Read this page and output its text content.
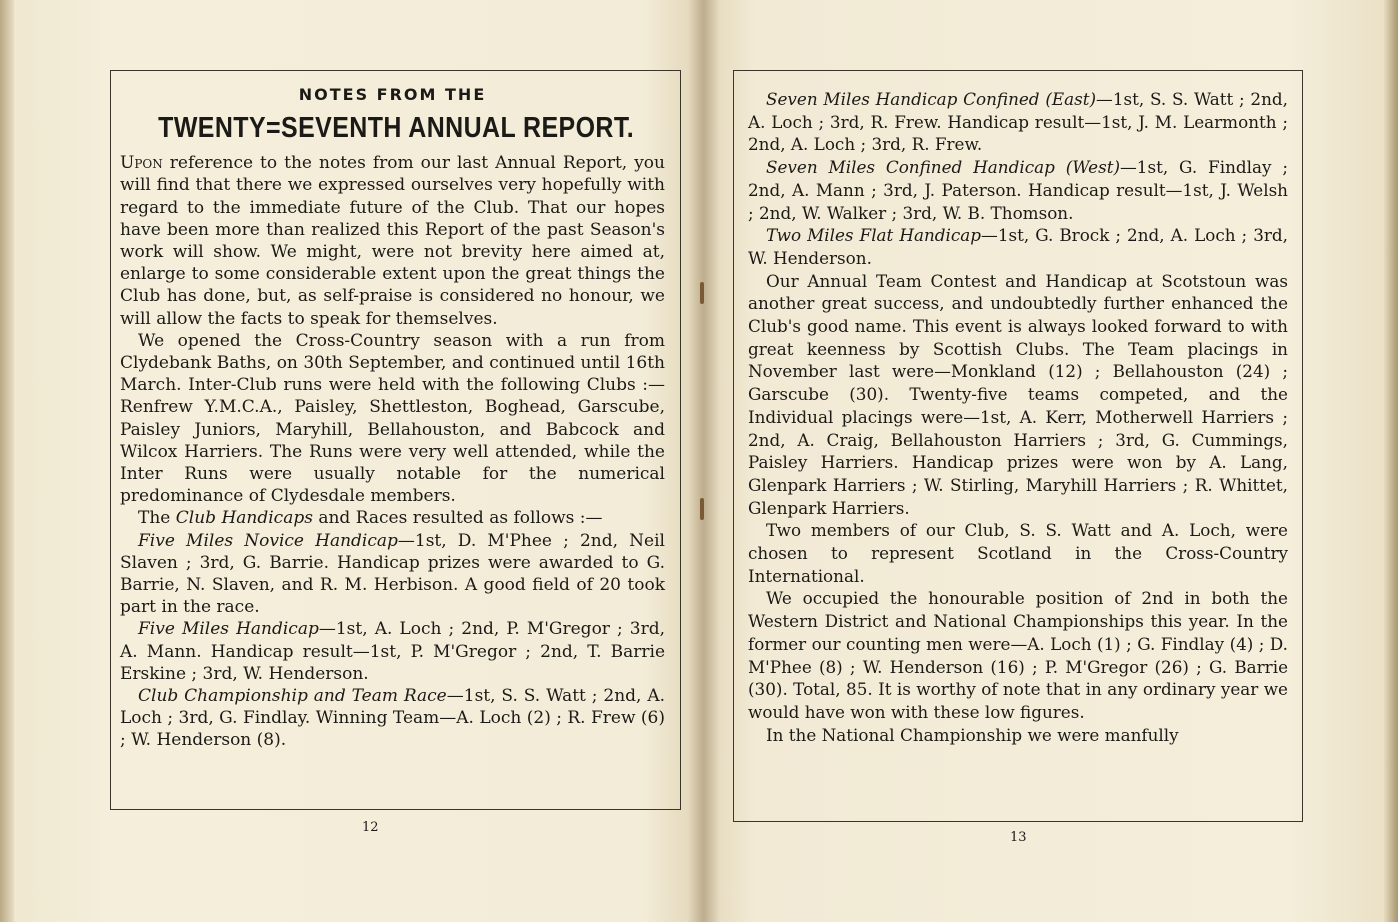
NOTES FROM THE
TWENTY=SEVENTH ANNUAL REPORT.

Upon reference to the notes from our last Annual Report, you will find that there we expressed ourselves very hopefully with regard to the immediate future of the Club. That our hopes have been more than realized this Report of the past Season's work will show. We might, were not brevity here aimed at, enlarge to some considerable extent upon the great things the Club has done, but, as self-praise is considered no honour, we will allow the facts to speak for themselves.

We opened the Cross-Country season with a run from Clydebank Baths, on 30th September, and continued until 16th March. Inter-Club runs were held with the following Clubs :—Renfrew Y.M.C.A., Paisley, Shettleston, Boghead, Garscube, Paisley Juniors, Maryhill, Bellahouston, and Babcock and Wilcox Harriers. The Runs were very well attended, while the Inter Runs were usually notable for the numerical predominance of Clydesdale members.

The Club Handicaps and Races resulted as follows :—

Five Miles Novice Handicap—1st, D. M'Phee ; 2nd, Neil Slaven ; 3rd, G. Barrie. Handicap prizes were awarded to G. Barrie, N. Slaven, and R. M. Herbison. A good field of 20 took part in the race.

Five Miles Handicap—1st, A. Loch ; 2nd, P. M'Gregor ; 3rd, A. Mann. Handicap result—1st, P. M'Gregor ; 2nd, T. Barrie Erskine ; 3rd, W. Henderson.

Club Championship and Team Race—1st, S. S. Watt ; 2nd, A. Loch ; 3rd, G. Findlay. Winning Team—A. Loch (2) ; R. Frew (6) ; W. Henderson (8).

12

Seven Miles Handicap Confined (East)—1st, S. S. Watt ; 2nd, A. Loch ; 3rd, R. Frew. Handicap result—1st, J. M. Learmonth ; 2nd, A. Loch ; 3rd, R. Frew.

Seven Miles Confined Handicap (West)—1st, G. Findlay ; 2nd, A. Mann ; 3rd, J. Paterson. Handicap result—1st, J. Welsh ; 2nd, W. Walker ; 3rd, W. B. Thomson.

Two Miles Flat Handicap—1st, G. Brock ; 2nd, A. Loch ; 3rd, W. Henderson.

Our Annual Team Contest and Handicap at Scotstoun was another great success, and undoubtedly further enhanced the Club's good name. This event is always looked forward to with great keenness by Scottish Clubs. The Team placings in November last were—Monkland (12) ; Bellahouston (24) ; Garscube (30). Twenty-five teams competed, and the Individual placings were—1st, A. Kerr, Motherwell Harriers ; 2nd, A. Craig, Bellahouston Harriers ; 3rd, G. Cummings, Paisley Harriers. Handicap prizes were won by A. Lang, Glenpark Harriers ; W. Stirling, Maryhill Harriers ; R. Whittet, Glenpark Harriers.

Two members of our Club, S. S. Watt and A. Loch, were chosen to represent Scotland in the Cross-Country International.

We occupied the honourable position of 2nd in both the Western District and National Championships this year. In the former our counting men were—A. Loch (1) ; G. Findlay (4) ; D. M'Phee (8) ; W. Henderson (16) ; P. M'Gregor (26) ; G. Barrie (30). Total, 85. It is worthy of note that in any ordinary year we would have won with these low figures.

In the National Championship we were manfully

13
